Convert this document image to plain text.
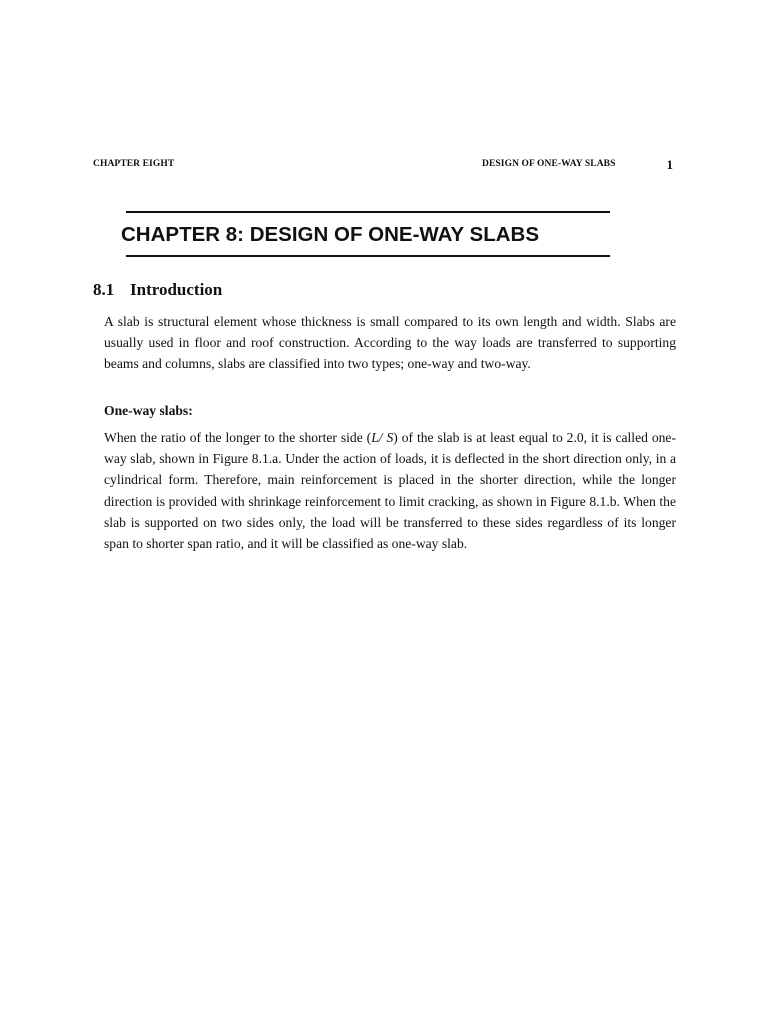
CHAPTER EIGHT	DESIGN OF ONE-WAY SLABS	1
CHAPTER 8: DESIGN OF ONE-WAY SLABS
8.1 Introduction

A slab is structural element whose thickness is small compared to its own length and width. Slabs are usually used in floor and roof construction. According to the way loads are transferred to supporting beams and columns, slabs are classified into two types; one-way and two-way.

One-way slabs:

When the ratio of the longer to the shorter side (L/ S) of the slab is at least equal to 2.0, it is called one-way slab, shown in Figure 8.1.a. Under the action of loads, it is deflected in the short direction only, in a cylindrical form. Therefore, main reinforcement is placed in the shorter direction, while the longer direction is provided with shrinkage reinforcement to limit cracking, as shown in Figure 8.1.b. When the slab is supported on two sides only, the load will be transferred to these sides regardless of its longer span to shorter span ratio, and it will be classified as one-way slab.
